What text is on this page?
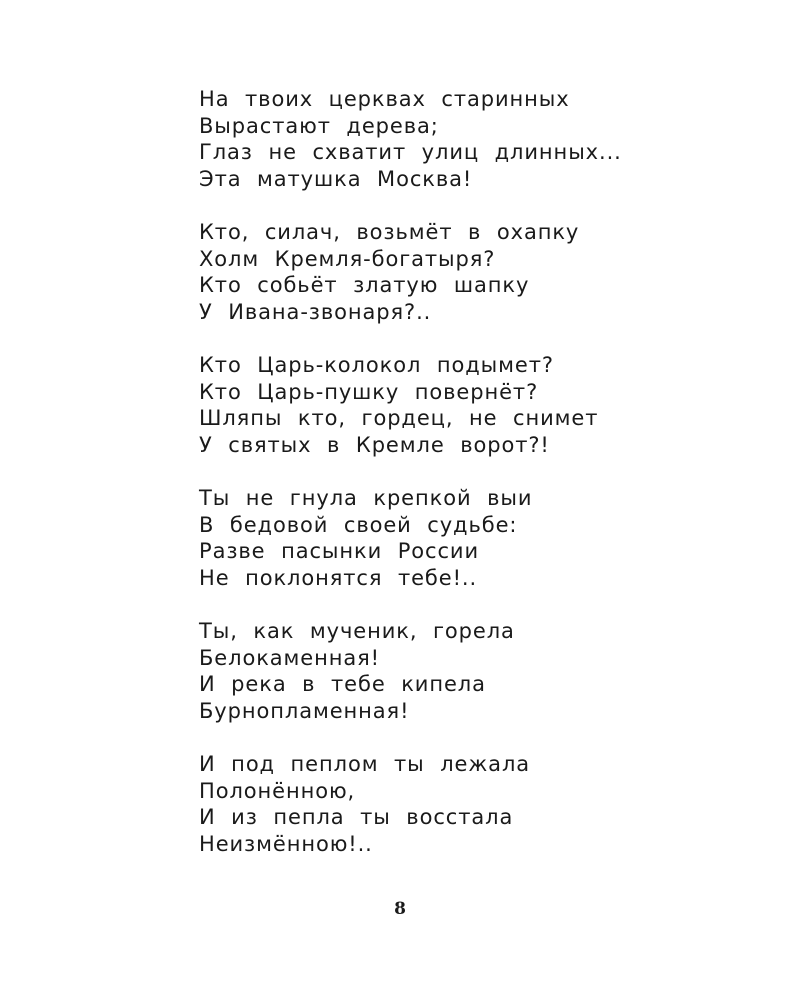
На твоих церквах старинных
Вырастают дерева;
Глаз не схватит улиц длинных...
Эта матушка Москва!
Кто, силач, возьмёт в охапку
Холм Кремля-богатыря?
Кто собьёт златую шапку
У Ивана-звонаря?..
Кто Царь-колокол подымет?
Кто Царь-пушку повернёт?
Шляпы кто, гордец, не снимет
У святых в Кремле ворот?!
Ты не гнула крепкой выи
В бедовой своей судьбе:
Разве пасынки России
Не поклонятся тебе!..
Ты, как мученик, горела
Белокаменная!
И река в тебе кипела
Бурнопламенная!
И под пеплом ты лежала
Полонённою,
И из пепла ты восстала
Неизмённою!..
8
